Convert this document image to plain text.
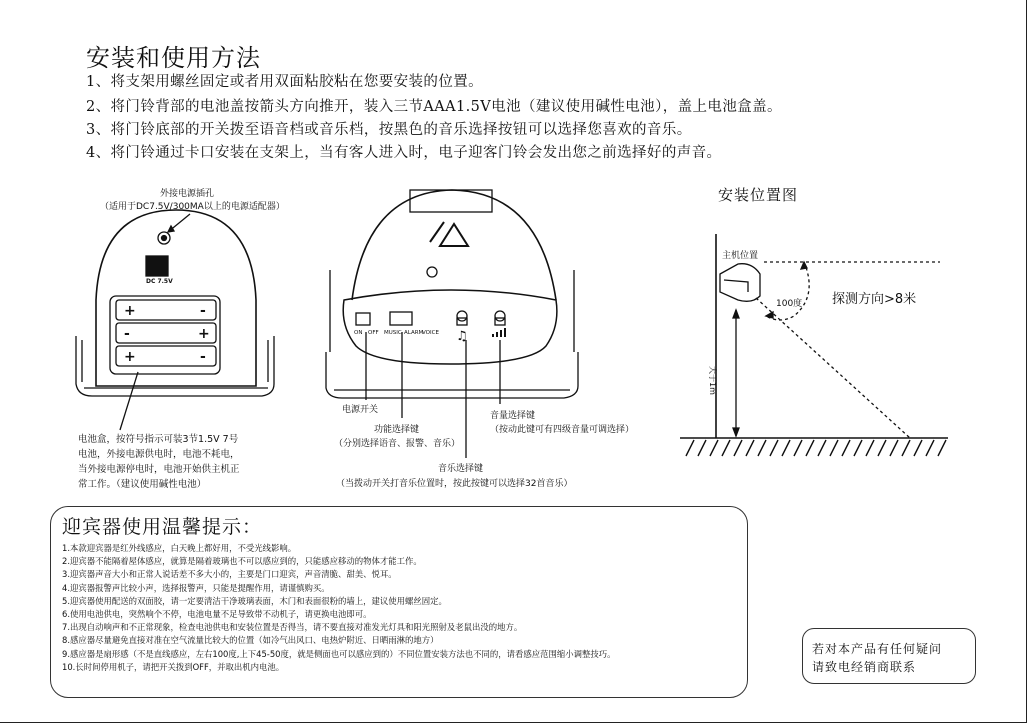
安装和使用方法
1、将支架用螺丝固定或者用双面粘胶粘在您要安装的位置。
2、将门铃背部的电池盖按箭头方向推开，装入三节AAA1.5V电池（建议使用碱性电池），盖上电池盒盖。
3、将门铃底部的开关拨至语音档或音乐档，按黑色的音乐选择按钮可以选择您喜欢的音乐。
4、将门铃通过卡口安装在支架上，当有客人进入时，电子迎客门铃会发出您之前选择好的声音。
+	-
-	+
+	-
ON OFF MUSIC ALARM
VOICE ♫
外接电源插孔
（适用于DC7.5V/300MA以上的电源适配器）
DC 7.5V
电池盒，按符号指示可装3节1.5V 7号
电池，外接电源供电时，电池不耗电，
当外接电源停电时，电池开始供主机正
常工作。（建议使用碱性电池）
电源开关
功能选择键
（分别选择语音、报警、音乐）
音量选择键
（按动此键可有四级音量可调选择）
音乐选择键
（当拨动开关打音乐位置时，按此按键可以选择32首音乐）
安装位置图
主机位置
100度 探测方向>8米
大于1m
迎宾器使用温馨提示：
1.本款迎宾器是红外线感应，白天晚上都好用，不受光线影响。
2.迎宾器不能隔着屋体感应，就算是隔着玻璃也不可以感应到的，只能感应移动的物体才能工作。
3.迎宾器声音大小和正常人说话差不多大小的，主要是门口迎宾，声音清脆、甜美、悦耳。
4.迎宾器报警声比较小声，选择报警声，只能是提醒作用，请谨慎购买。
5.迎宾器使用配送的双面胶，请一定要清洁干净玻璃表面，木门和表面很粉的墙上，建议使用螺丝固定。
6.使用电池供电，突然响个不停，电池电量不足导致带不动机子，请更换电池即可。
7.出现自动响声和不正常现象，检查电池供电和安装位置是否得当，请不要直接对准发光灯具和阳光照射及老鼠出没的地方。
8.感应器尽量避免直接对准在空气流量比较大的位置（如冷气出风口、电热炉附近、日晒雨淋的地方）
9.感应器是扇形感（不是直线感应，左右100度,上下45-50度，就是侧面也可以感应到的）不同位置安装方法也不同的，请看感应范围缩小调整技巧。
10.长时间停用机子，请把开关拨到OFF，并取出机内电池。
若对本产品有任何疑问
请致电经销商联系
